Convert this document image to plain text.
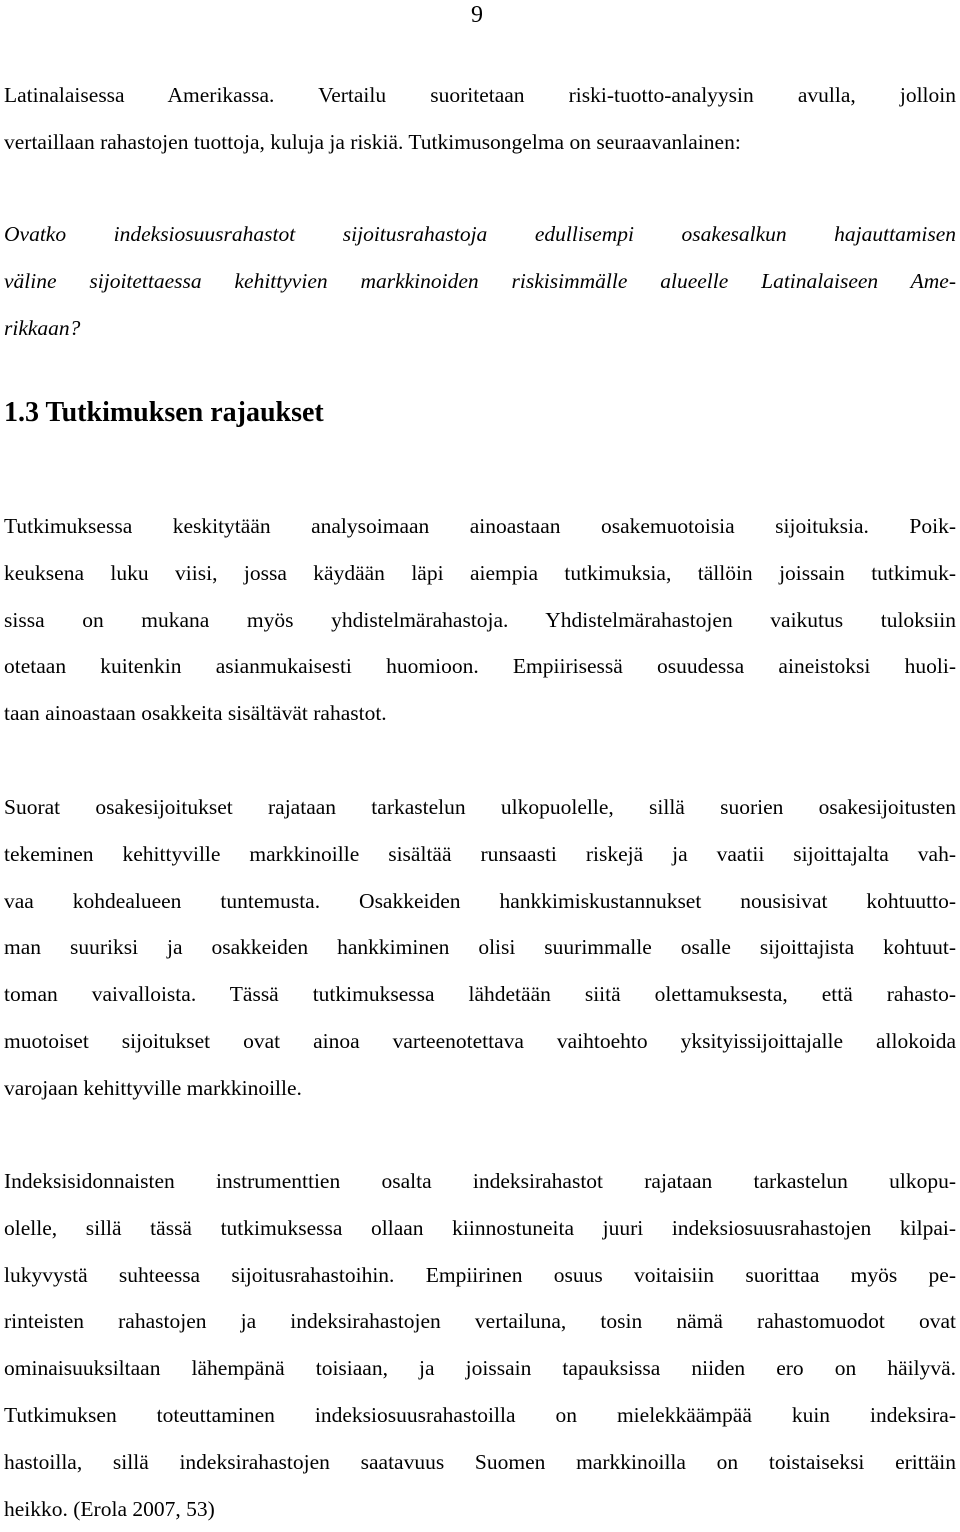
9
Latinalaisessa Amerikassa. Vertailu suoritetaan riski-tuotto-analyysin avulla, jolloin
vertaillaan rahastojen tuottoja, kuluja ja riskiä. Tutkimusongelma on seuraavanlainen:
Ovatko indeksiosuusrahastot sijoitusrahastoja edullisempi osakesalkun hajauttamisen
väline sijoitettaessa kehittyvien markkinoiden riskisimmälle alueelle Latinalaiseen Ame-
rikkaan?
1.3 Tutkimuksen rajaukset
Tutkimuksessa keskitytään analysoimaan ainoastaan osakemuotoisia sijoituksia. Poik-
keuksena luku viisi, jossa käydään läpi aiempia tutkimuksia, tällöin joissain tutkimuk-
sissa on mukana myös yhdistelmärahastoja. Yhdistelmärahastojen vaikutus tuloksiin
otetaan kuitenkin asianmukaisesti huomioon. Empiirisessä osuudessa aineistoksi huoli-
taan ainoastaan osakkeita sisältävät rahastot.
Suorat osakesijoitukset rajataan tarkastelun ulkopuolelle, sillä suorien osakesijoitusten
tekeminen kehittyville markkinoille sisältää runsaasti riskejä ja vaatii sijoittajalta vah-
vaa kohdealueen tuntemusta. Osakkeiden hankkimiskustannukset nousisivat kohtuutto-
man suuriksi ja osakkeiden hankkiminen olisi suurimmalle osalle sijoittajista kohtuut-
toman vaivalloista. Tässä tutkimuksessa lähdetään siitä olettamuksesta, että rahasto-
muotoiset sijoitukset ovat ainoa varteenotettava vaihtoehto yksityissijoittajalle allokoida
varojaan kehittyville markkinoille.
Indeksisidonnaisten instrumenttien osalta indeksirahastot rajataan tarkastelun ulkopu-
olelle, sillä tässä tutkimuksessa ollaan kiinnostuneita juuri indeksiosuusrahastojen kilpai-
lukyvystä suhteessa sijoitusrahastoihin. Empiirinen osuus voitaisiin suorittaa myös pe-
rinteisten rahastojen ja indeksirahastojen vertailuna, tosin nämä rahastomuodot ovat
ominaisuuksiltaan lähempänä toisiaan, ja joissain tapauksissa niiden ero on häilyvä.
Tutkimuksen toteuttaminen indeksiosuusrahastoilla on mielekkäämpää kuin indeksira-
hastoilla, sillä indeksirahastojen saatavuus Suomen markkinoilla on toistaiseksi erittäin
heikko. (Erola 2007, 53)
